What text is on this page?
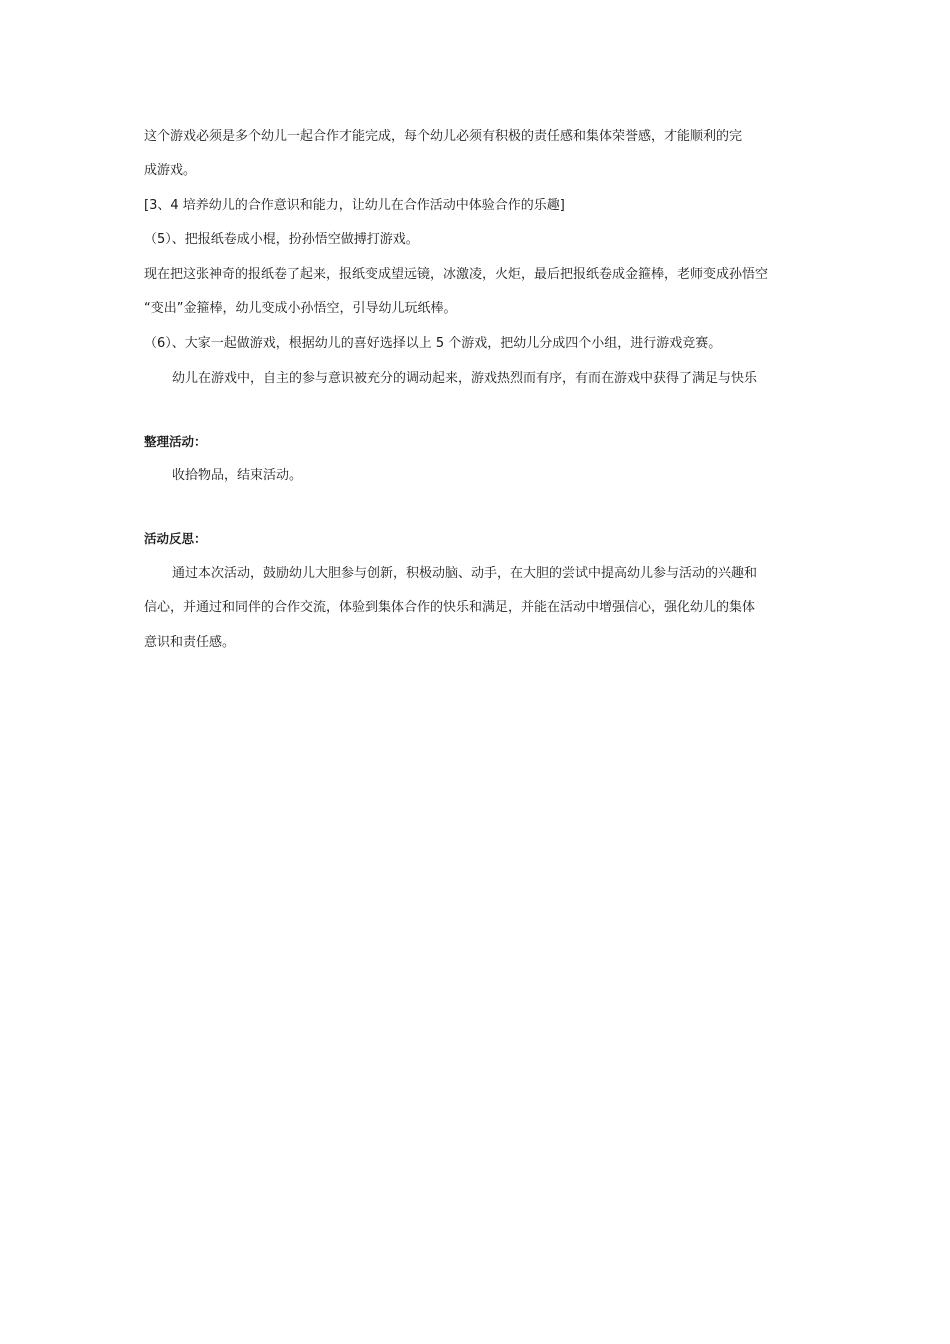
这个游戏必须是多个幼儿一起合作才能完成，每个幼儿必须有积极的责任感和集体荣誉感，才能顺利的完
成游戏。
[3、4 培养幼儿的合作意识和能力，让幼儿在合作活动中体验合作的乐趣]
（5）、把报纸卷成小棍，扮孙悟空做搏打游戏。
现在把这张神奇的报纸卷了起来，报纸变成望远镜，冰激凌，火炬，最后把报纸卷成金箍棒，老师变成孙悟空
“变出”金箍棒，幼儿变成小孙悟空，引导幼儿玩纸棒。
（6）、大家一起做游戏，根据幼儿的喜好选择以上 5 个游戏，把幼儿分成四个小组，进行游戏竞赛。
幼儿在游戏中，自主的参与意识被充分的调动起来，游戏热烈而有序，有而在游戏中获得了满足与快乐
整理活动：
收拾物品，结束活动。
活动反思：
通过本次活动，鼓励幼儿大胆参与创新，积极动脑、动手，在大胆的尝试中提高幼儿参与活动的兴趣和
信心，并通过和同伴的合作交流，体验到集体合作的快乐和满足，并能在活动中增强信心，强化幼儿的集体
意识和责任感。
